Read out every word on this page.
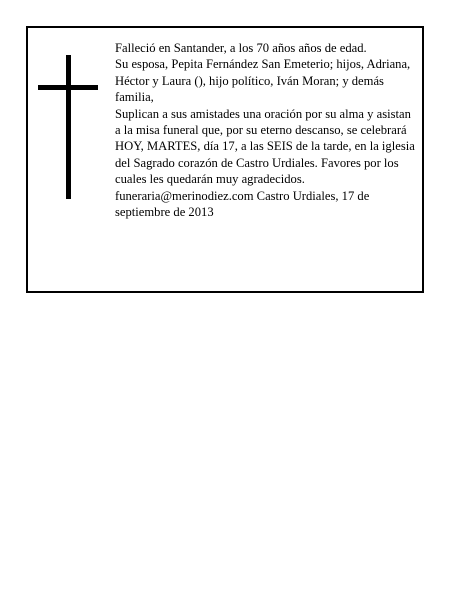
Falleció en Santander, a los 70 años años de edad.

Su esposa, Pepita Fernández San Emeterio; hijos, Adriana, Héctor y Laura (), hijo político, Iván Moran; y demás familia,

Suplican a sus amistades una oración por su alma y asistan a la misa funeral que, por su eterno descanso, se celebrará HOY, MARTES, día 17, a las SEIS de la tarde, en la iglesia del Sagrado corazón de Castro Urdiales. Favores por los cuales les quedarán muy agradecidos.

funeraria@merinodiez.com Castro Urdiales, 17 de septiembre de 2013
